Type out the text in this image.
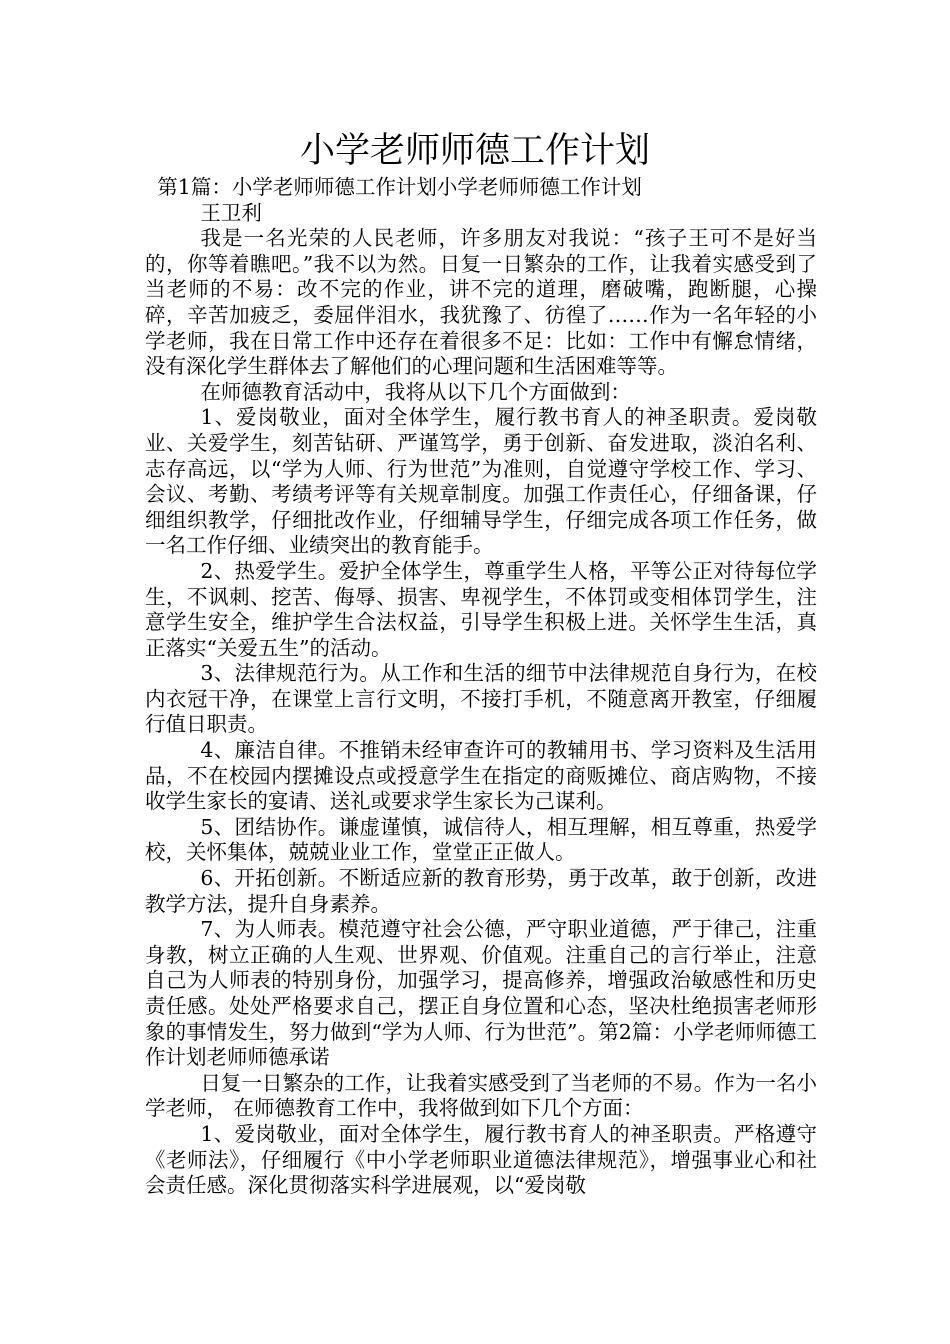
小学老师师德工作计划

第1篇：小学老师师德工作计划小学老师师德工作计划

王卫利

我是一名光荣的人民老师，许多朋友对我说：“孩子王可不是好当的，你等着瞧吧。”我不以为然。日复一日繁杂的工作，让我着实感受到了当老师的不易：改不完的作业，讲不完的道理，磨破嘴，跑断腿，心操碎，辛苦加疲乏，委屈伴泪水，我犹豫了、彷徨了……作为一名年轻的小学老师，我在日常工作中还存在着很多不足：比如：工作中有懈怠情绪，没有深化学生群体去了解他们的心理问题和生活困难等等。

在师德教育活动中，我将从以下几个方面做到：

1、爱岗敬业，面对全体学生，履行教书育人的神圣职责。爱岗敬业、关爱学生，刻苦钻研、严谨笃学，勇于创新、奋发进取，淡泊名利、志存高远，以“学为人师、行为世范”为准则，自觉遵守学校工作、学习、会议、考勤、考绩考评等有关规章制度。加强工作责任心，仔细备课，仔细组织教学，仔细批改作业，仔细辅导学生，仔细完成各项工作任务，做一名工作仔细、业绩突出的教育能手。

2、热爱学生。爱护全体学生，尊重学生人格，平等公正对待每位学生，不讽刺、挖苦、侮辱、损害、卑视学生，不体罚或变相体罚学生，注意学生安全，维护学生合法权益，引导学生积极上进。关怀学生生活，真正落实“关爱五生”的活动。

3、法律规范行为。从工作和生活的细节中法律规范自身行为，在校内衣冠干净，在课堂上言行文明，不接打手机，不随意离开教室，仔细履行值日职责。

4、廉洁自律。不推销未经审查许可的教辅用书、学习资料及生活用品，不在校园内摆摊设点或授意学生在指定的商贩摊位、商店购物，不接收学生家长的宴请、送礼或要求学生家长为己谋利。

5、团结协作。谦虚谨慎，诚信待人，相互理解，相互尊重，热爱学校，关怀集体，兢兢业业工作，堂堂正正做人。

6、开拓创新。不断适应新的教育形势，勇于改革，敢于创新，改进教学方法，提升自身素养。

7、为人师表。模范遵守社会公德，严守职业道德，严于律己，注重身教，树立正确的人生观、世界观、价值观。注重自己的言行举止，注意自己为人师表的特别身份，加强学习，提高修养，增强政治敏感性和历史责任感。处处严格要求自己，摆正自身位置和心态，坚决杜绝损害老师形象的事情发生，努力做到“学为人师、行为世范”。第2篇：小学老师师德工作计划老师师德承诺

日复一日繁杂的工作，让我着实感受到了当老师的不易。作为一名小学老师， 在师德教育工作中，我将做到如下几个方面：

1、爱岗敬业，面对全体学生，履行教书育人的神圣职责。严格遵守《老师法》，仔细履行《中小学老师职业道德法律规范》，增强事业心和社会责任感。深化贯彻落实科学进展观，以“爱岗敬
